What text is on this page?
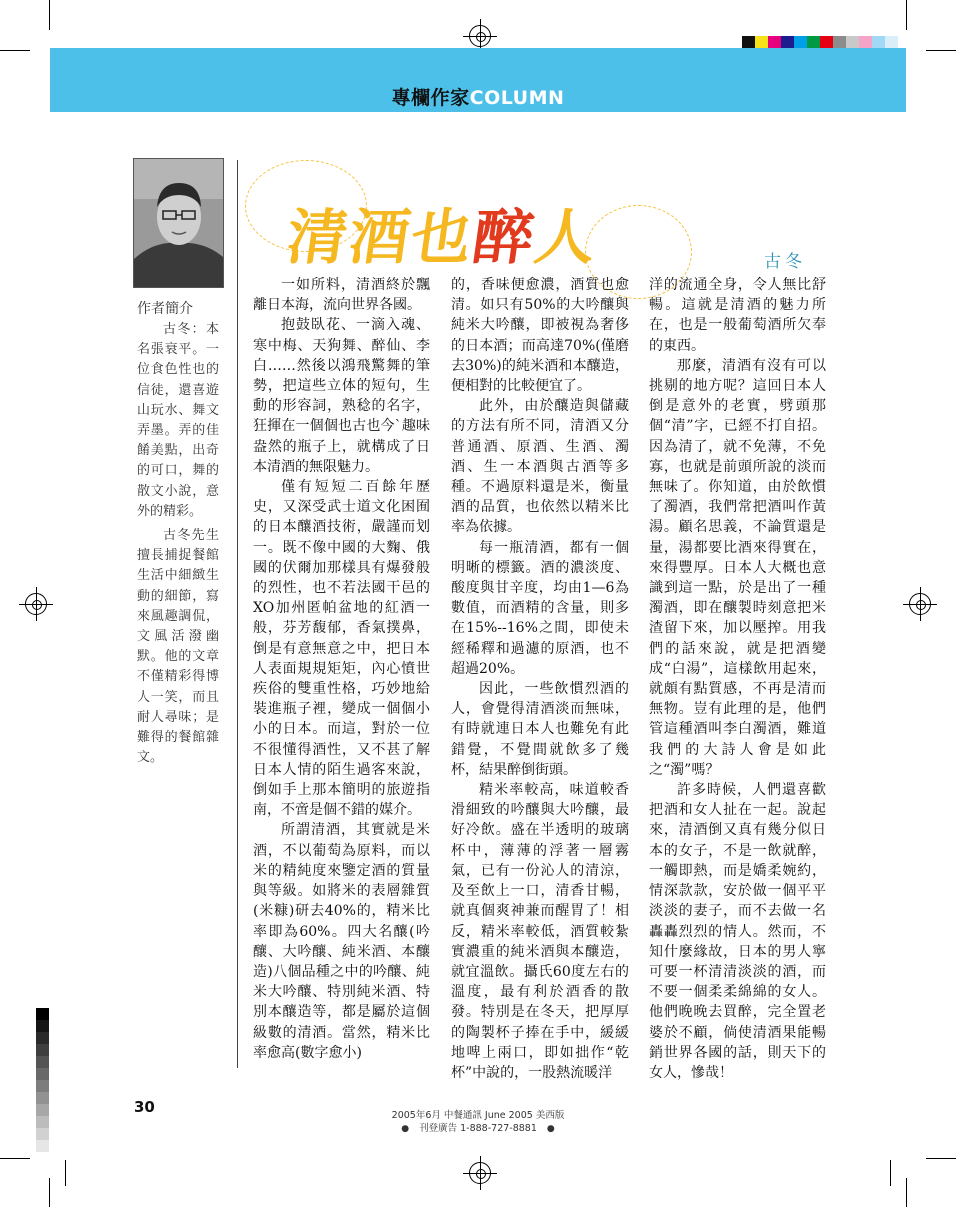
專欄作家COLUMN
作者簡介

古冬：本名張衰平。一位食色性也的信徒，還喜遊山玩水、舞文弄墨。弄的佳餚美點，出奇的可口，舞的散文小說，意外的精彩。

古冬先生擅長捕捉餐館生活中細緻生動的細節，寫來風趣調侃，文風活潑幽默。他的文章不僅精彩得博人一笑，而且耐人尋味；是難得的餐館雜文。

清酒也醉人	古冬

一如所料，清酒終於飄離日本海，流向世界各國。

抱鼓臥花、一滴入魂、寒中梅、天狗舞、醉仙、李白……然後以鴻飛驚舞的筆勢，把這些立体的短句，生動的形容詞，熟稔的名字，狂揮在一個個也古也今`趣味盎然的瓶子上，就構成了日本清酒的無限魅力。

僅有短短二百餘年歷史，又深受武士道文化困囿的日本釀酒技術，嚴謹而划一。既不像中國的大麴、俄國的伏爾加那樣具有爆發般的烈性，也不若法國干邑的XO加州匿帕盆地的紅酒一般，芬芳馥郁，香氣撲鼻，倒是有意無意之中，把日本人表面規規矩矩，內心憤世疾俗的雙重性格，巧妙地給裝進瓶子裡，變成一個個小小的日本。而這，對於一位不很懂得酒性，又不甚了解日本人情的陌生過客來說，倒如手上那本簡明的旅遊指南，不啻是個不錯的媒介。

所謂清酒，其實就是米酒，不以葡萄為原料，而以米的精純度來鑒定酒的質量與等級。如將米的表層雜質(米糠)研去40%的，精米比率即為60%。四大名釀(吟釀、大吟釀、純米酒、本釀造)八個品種之中的吟釀、純米大吟釀、特別純米酒、特別本釀造等，都是屬於這個級數的清酒。當然，精米比率愈高(數字愈小)

的，香味便愈濃，酒質也愈清。如只有50%的大吟釀與純米大吟釀，即被視為奢侈的日本酒；而高達70%(僅磨去30%)的純米酒和本釀造，便相對的比較便宜了。

此外，由於釀造與儲藏的方法有所不同，清酒又分普通酒、原酒、生酒、濁酒、生一本酒與古酒等多種。不過原料還是米，衡量酒的品質，也依然以精米比率為依據。

每一瓶清酒，都有一個明晰的標籤。酒的濃淡度、酸度與甘辛度，均由1—6為數值，而酒精的含量，則多在15%--16%之間，即使未經稀釋和過濾的原酒，也不超過20%。

因此，一些飲慣烈酒的人，會覺得清酒淡而無味，有時就連日本人也難免有此錯覺，不覺間就飲多了幾杯，結果醉倒街頭。

精米率較高，味道較香滑細致的吟釀與大吟釀，最好冷飲。盛在半透明的玻璃杯中，薄薄的浮著一層霧氣，已有一份沁人的清涼，及至飲上一口，清香甘暢，就真個爽神兼而醒胃了！相反，精米率較低，酒質較紮實濃重的純米酒與本釀造，就宜溫飲。攝氏60度左右的溫度，最有利於酒香的散發。特別是在冬天，把厚厚的陶製杯子捧在手中，緩緩地啤上兩口，即如拙作“乾杯”中說的，一股熱流暖洋

洋的流通全身，令人無比舒暢。這就是清酒的魅力所在，也是一般葡萄酒所欠奉的東西。

那麼，清酒有沒有可以挑剔的地方呢？這回日本人倒是意外的老實，劈頭那個“清”字，已經不打自招。因為清了，就不免薄，不免寡，也就是前頭所說的淡而無味了。你知道，由於飲慣了濁酒，我們常把酒叫作黃湯。顧名思義，不論質還是量，湯都要比酒來得實在，來得豐厚。日本人大概也意識到這一點，於是出了一種濁酒，即在釀製時刻意把米渣留下來，加以壓搾。用我們的話來說，就是把酒變成“白湯”，這樣飲用起來，就頗有點質感，不再是清而無物。豈有此理的是，他們管這種酒叫李白濁酒，難道我們的大詩人會是如此之“濁”嗎？

許多時候，人們還喜歡把酒和女人扯在一起。說起來，清酒倒又真有幾分似日本的女子，不是一飲就醉，一觸即熱，而是嬌柔婉約，情深款款，安於做一個平平淡淡的妻子，而不去做一名轟轟烈烈的情人。然而，不知什麼緣故，日本的男人寧可要一杯清清淡淡的酒，而不要一個柔柔綿綿的女人。他們晚晚去買醉，完全置老婆於不顧，倘使清酒果能暢銷世界各國的話，則天下的女人，慘哉！

30	2005年6月 中餐通訊 June 2005 美西版
● 刊登廣告 1-888-727-8881 ●
